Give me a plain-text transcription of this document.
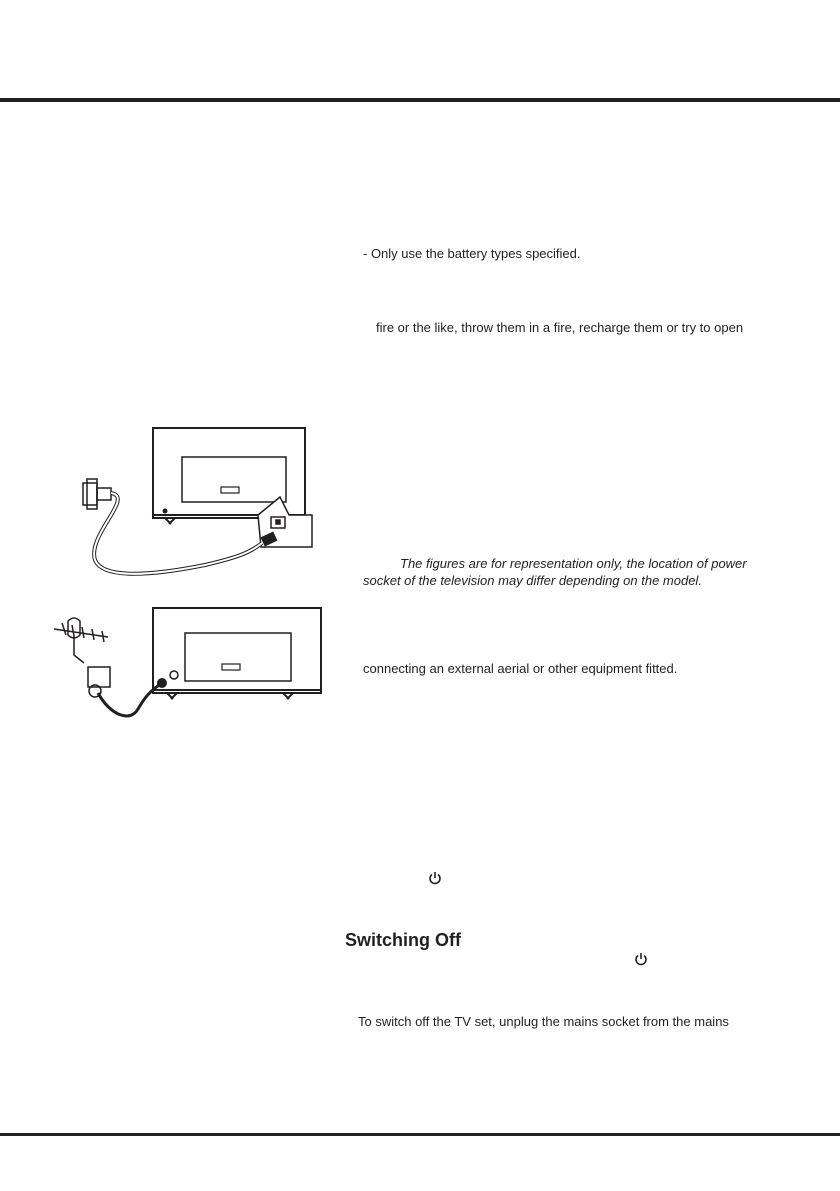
- Only use the battery types specified.
fire or the like, throw them in a fire, recharge them or try to open
The figures are for representation only, the location of power
socket of the television may differ depending on the model.
connecting an external aerial or other equipment fitted.
Switching Off
To switch off the TV set, unplug the mains socket from the mains
